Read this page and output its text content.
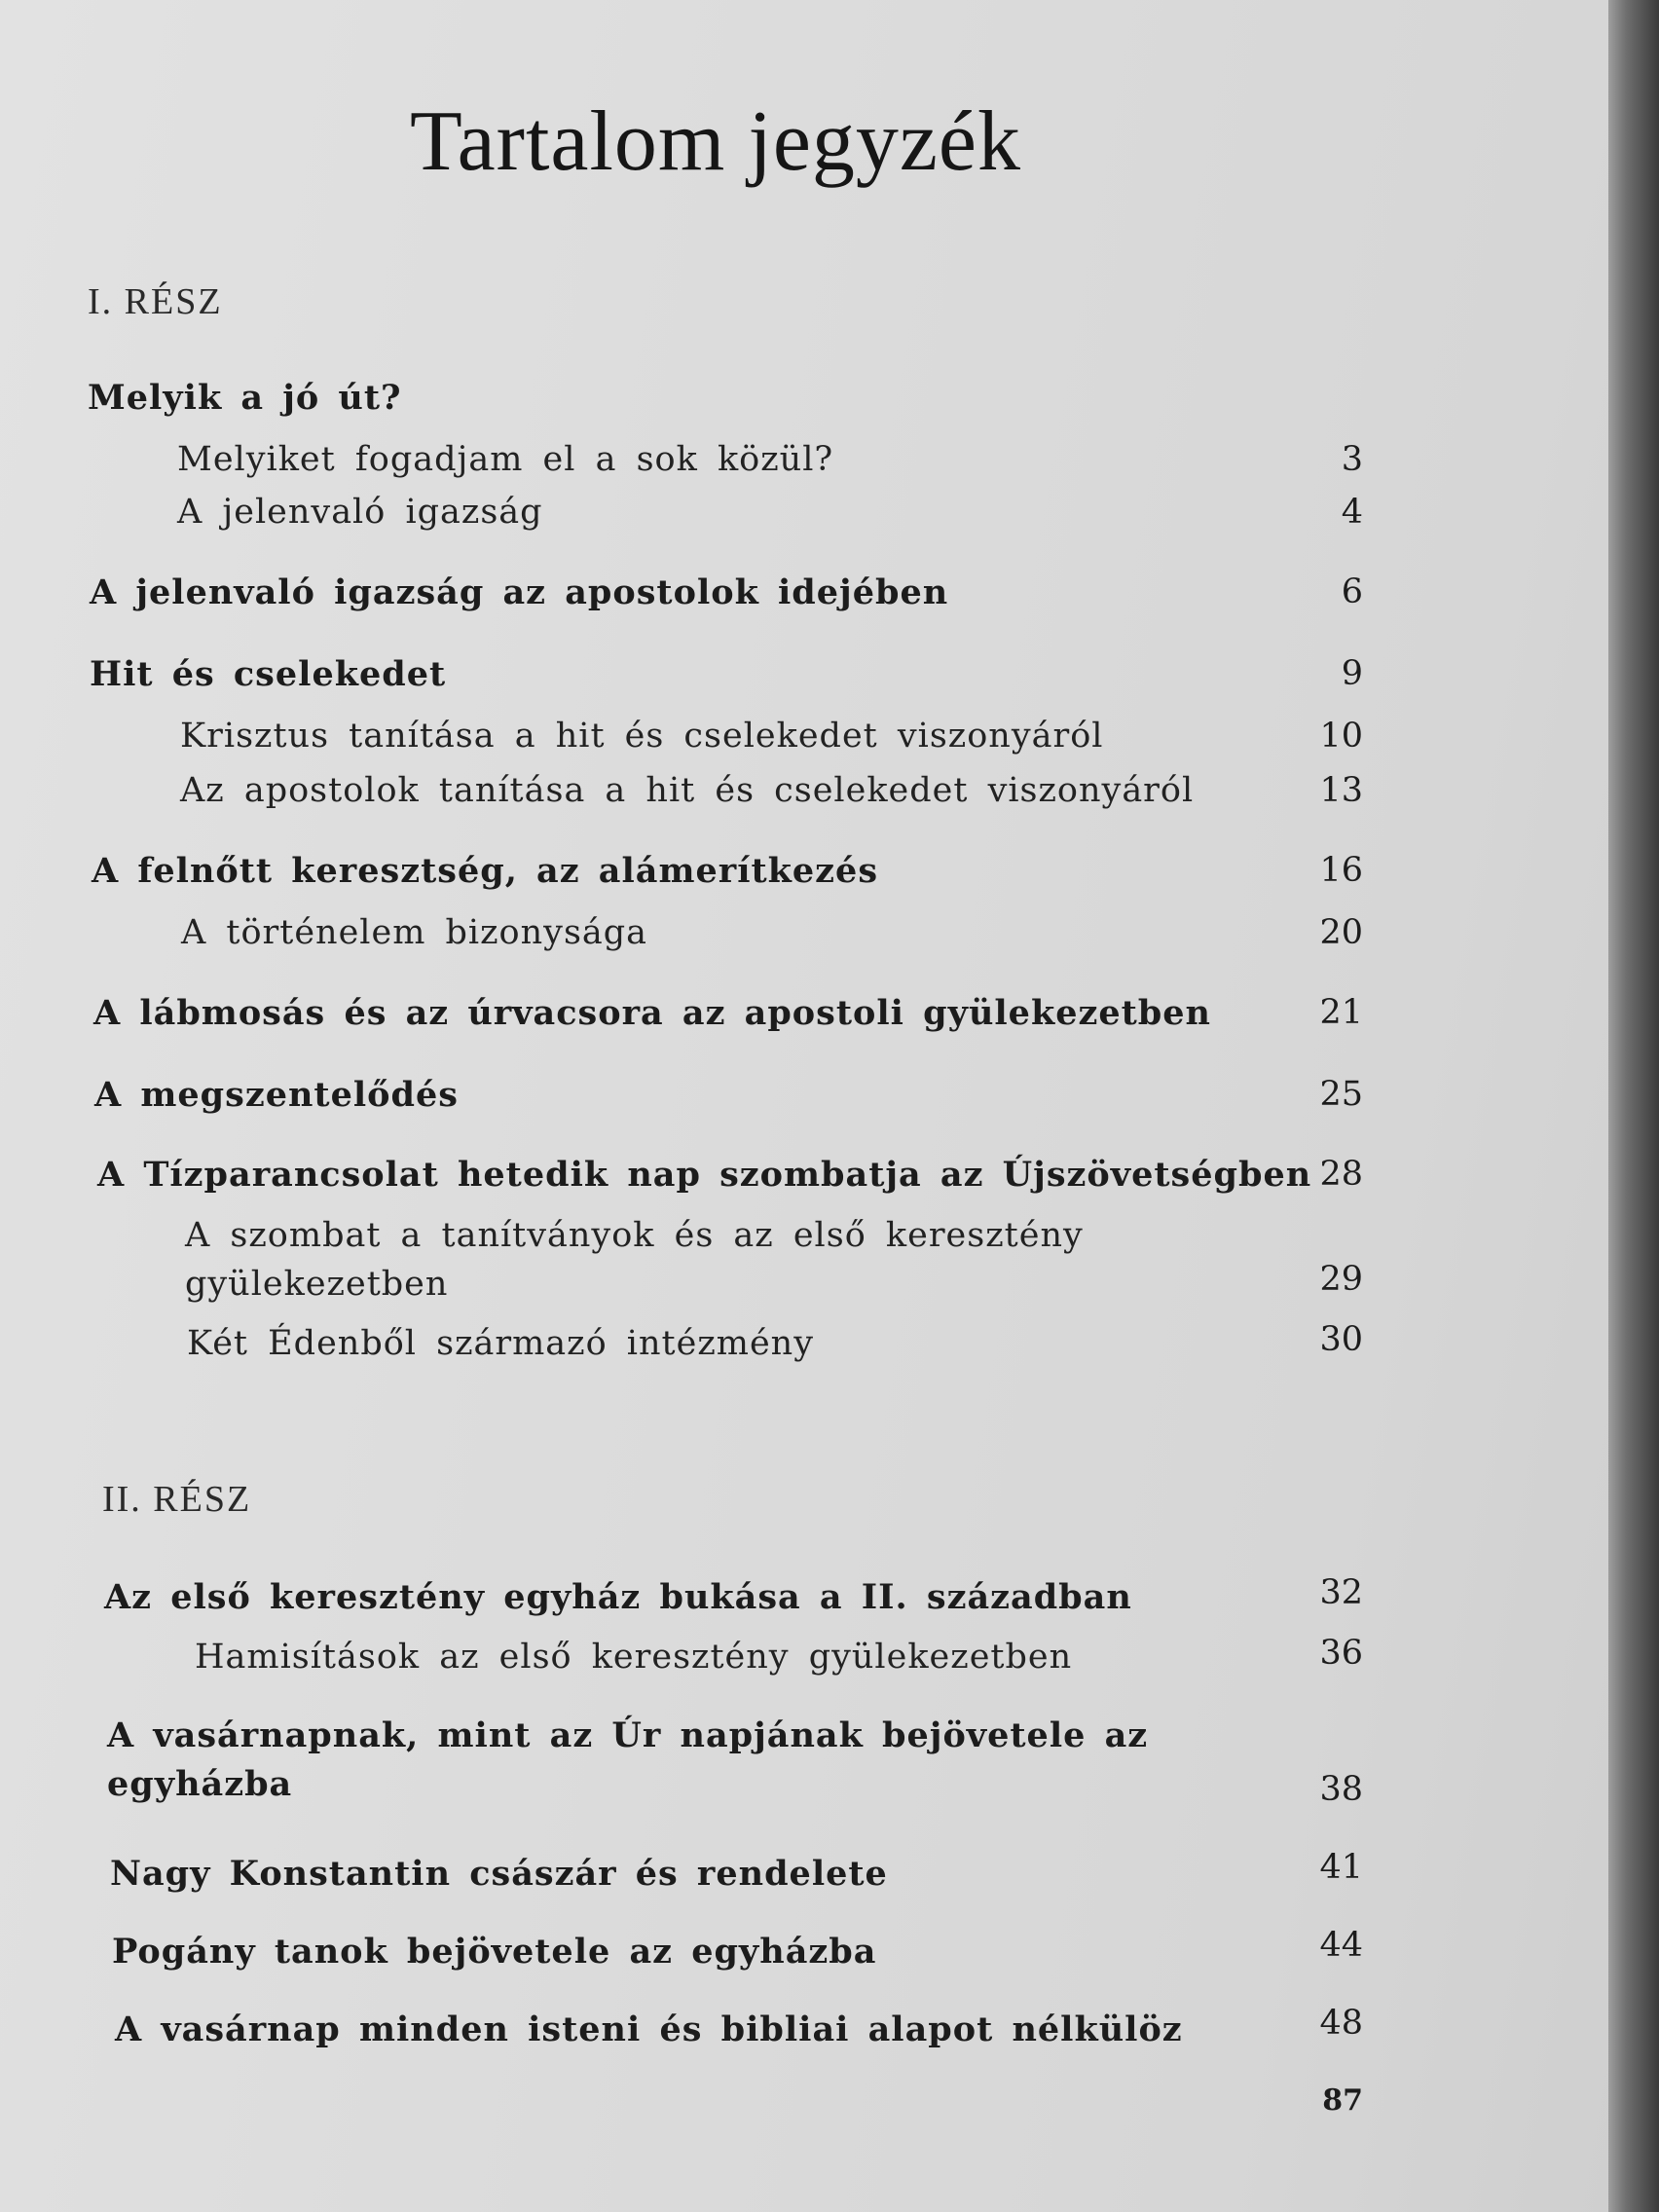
Tartalom jegyzék
I. RÉSZ
Melyik a jó út?
Melyiket fogadjam el a sok közül?	3
A jelenvaló igazság	4
A jelenvaló igazság az apostolok idejében	6
Hit és cselekedet	9
Krisztus tanítása a hit és cselekedet viszonyáról	10
Az apostolok tanítása a hit és cselekedet viszonyáról	13
A felnőtt keresztség, az alámerítkezés	16
A történelem bizonysága	20
A lábmosás és az úrvacsora az apostoli gyülekezetben	21
A megszentelődés	25
A Tízparancsolat hetedik nap szombatja az Újszövetségben 28
A szombat a tanítványok és az első keresztény gyülekezetben	29
Két Édenből származó intézmény	30
II. RÉSZ
Az első keresztény egyház bukása a II. században	32
Hamisítások az első keresztény gyülekezetben	36
A vasárnapnak, mint az Úr napjának bejövetele az egyházba	38
Nagy Konstantin császár és rendelete	41
Pogány tanok bejövetele az egyházba	44
A vasárnap minden isteni és bibliai alapot nélkülöz	48
87
